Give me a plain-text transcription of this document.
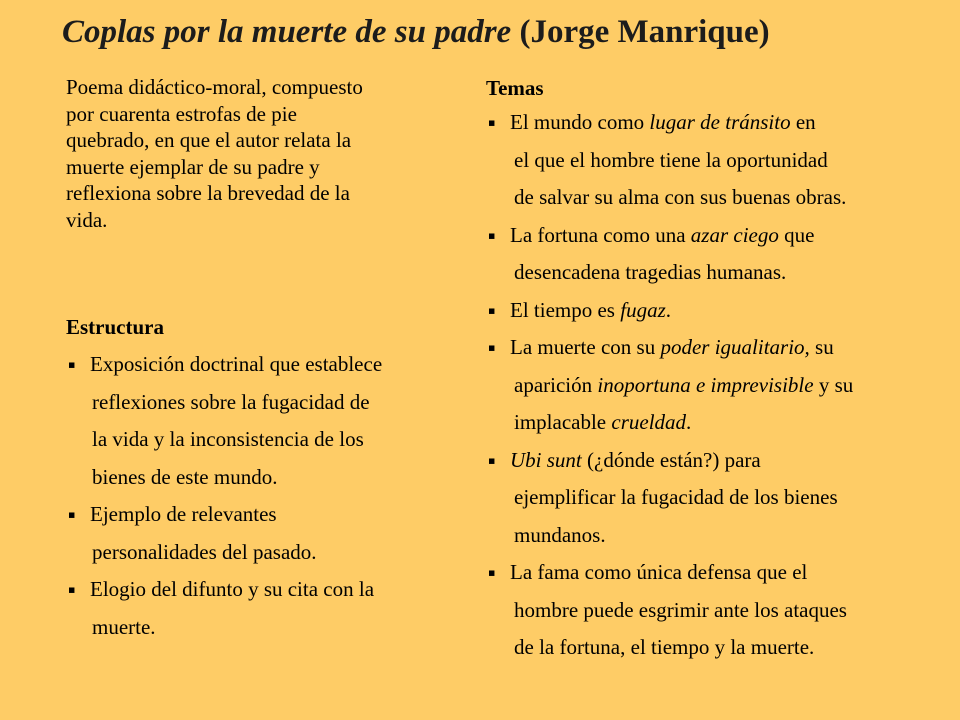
Coplas por la muerte de su padre (Jorge Manrique)

Poema didáctico-moral, compuesto
por cuarenta estrofas de pie
quebrado, en que el autor relata la
muerte ejemplar de su padre y
reflexiona sobre la brevedad de la
vida.

Estructura
▪ Exposición doctrinal que establece
reflexiones sobre la fugacidad de
la vida y la inconsistencia de los
bienes de este mundo.
▪ Ejemplo de relevantes
personalidades del pasado.
▪ Elogio del difunto y su cita con la
muerte.
Temas
▪ El mundo como lugar de tránsito en
el que el hombre tiene la oportunidad
de salvar su alma con sus buenas obras.
▪ La fortuna como una azar ciego que
desencadena tragedias humanas.
▪ El tiempo es fugaz.
▪ La muerte con su poder igualitario, su
aparición inoportuna e imprevisible y su
implacable crueldad.
▪ Ubi sunt (¿dónde están?) para
ejemplificar la fugacidad de los bienes
mundanos.
▪ La fama como única defensa que el
hombre puede esgrimir ante los ataques
de la fortuna, el tiempo y la muerte.
